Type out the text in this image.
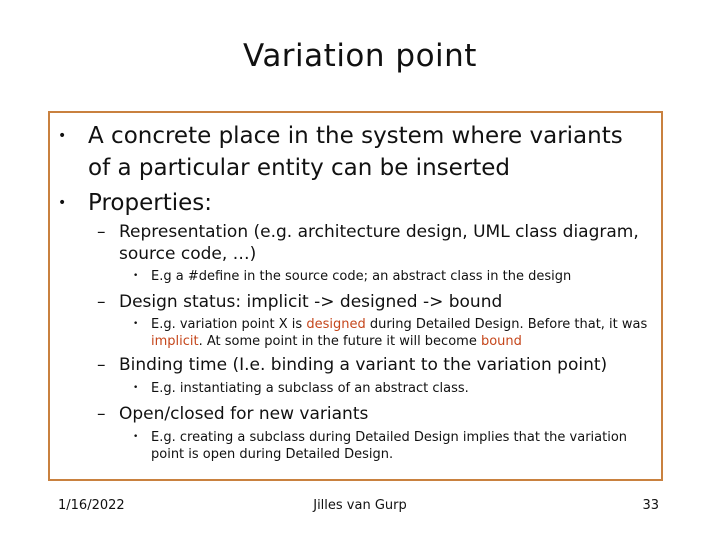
Variation point
• A concrete place in the system where variants of a particular entity can be inserted
• Properties:
– Representation (e.g. architecture design, UML class diagram, source code, …)
• E.g a #define in the source code; an abstract class in the design
– Design status: implicit -> designed -> bound
• E.g. variation point X is designed during Detailed Design. Before that, it was implicit. At some point in the future it will become bound
– Binding time (I.e. binding a variant to the variation point)
• E.g. instantiating a subclass of an abstract class.
– Open/closed for new variants
• E.g. creating a subclass during Detailed Design implies that the variation point is open during Detailed Design.
1/16/2022	Jilles van Gurp	33
